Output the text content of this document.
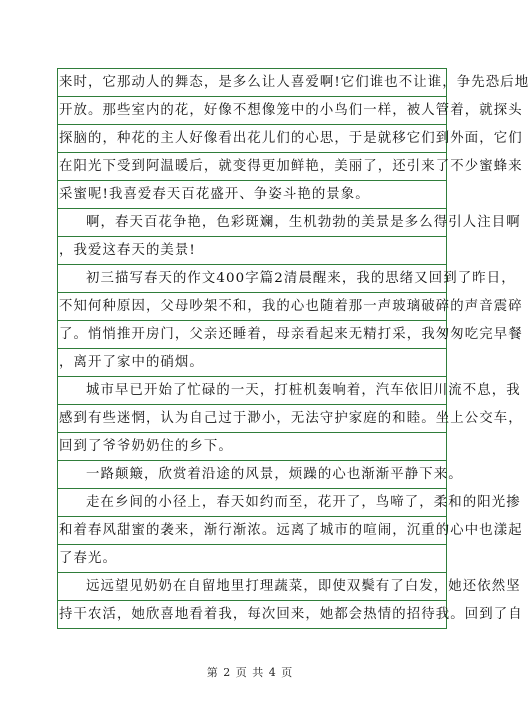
来时，它那动人的舞态，是多么让人喜爱啊!它们谁也不让谁，争先恐后地
开放。那些室内的花，好像不想像笼中的小鸟们一样，被人管着，就探头
探脑的，种花的主人好像看出花儿们的心思，于是就移它们到外面，它们
在阳光下受到阿温暖后，就变得更加鲜艳，美丽了，还引来了不少蜜蜂来
采蜜呢!我喜爱春天百花盛开、争姿斗艳的景象。
啊，春天百花争艳，色彩斑斓，生机勃勃的美景是多么得引人注目啊
，我爱这春天的美景!
初三描写春天的作文400字篇2清晨醒来，我的思绪又回到了昨日，
不知何种原因，父母吵架不和，我的心也随着那一声玻璃破碎的声音震碎
了。悄悄推开房门，父亲还睡着，母亲看起来无精打采，我匆匆吃完早餐
，离开了家中的硝烟。
城市早已开始了忙碌的一天，打桩机轰响着，汽车依旧川流不息，我
感到有些迷惘，认为自己过于渺小，无法守护家庭的和睦。坐上公交车，
回到了爷爷奶奶住的乡下。
一路颠簸，欣赏着沿途的风景，烦躁的心也渐渐平静下来。
走在乡间的小径上，春天如约而至，花开了，鸟啼了，柔和的阳光掺
和着春风甜蜜的袭来，渐行渐浓。远离了城市的喧闹，沉重的心中也漾起
了春光。
远远望见奶奶在自留地里打理蔬菜，即使双鬓有了白发，她还依然坚
持干农活，她欣喜地看着我，每次回来，她都会热情的招待我。回到了自
第 2 页 共 4 页
